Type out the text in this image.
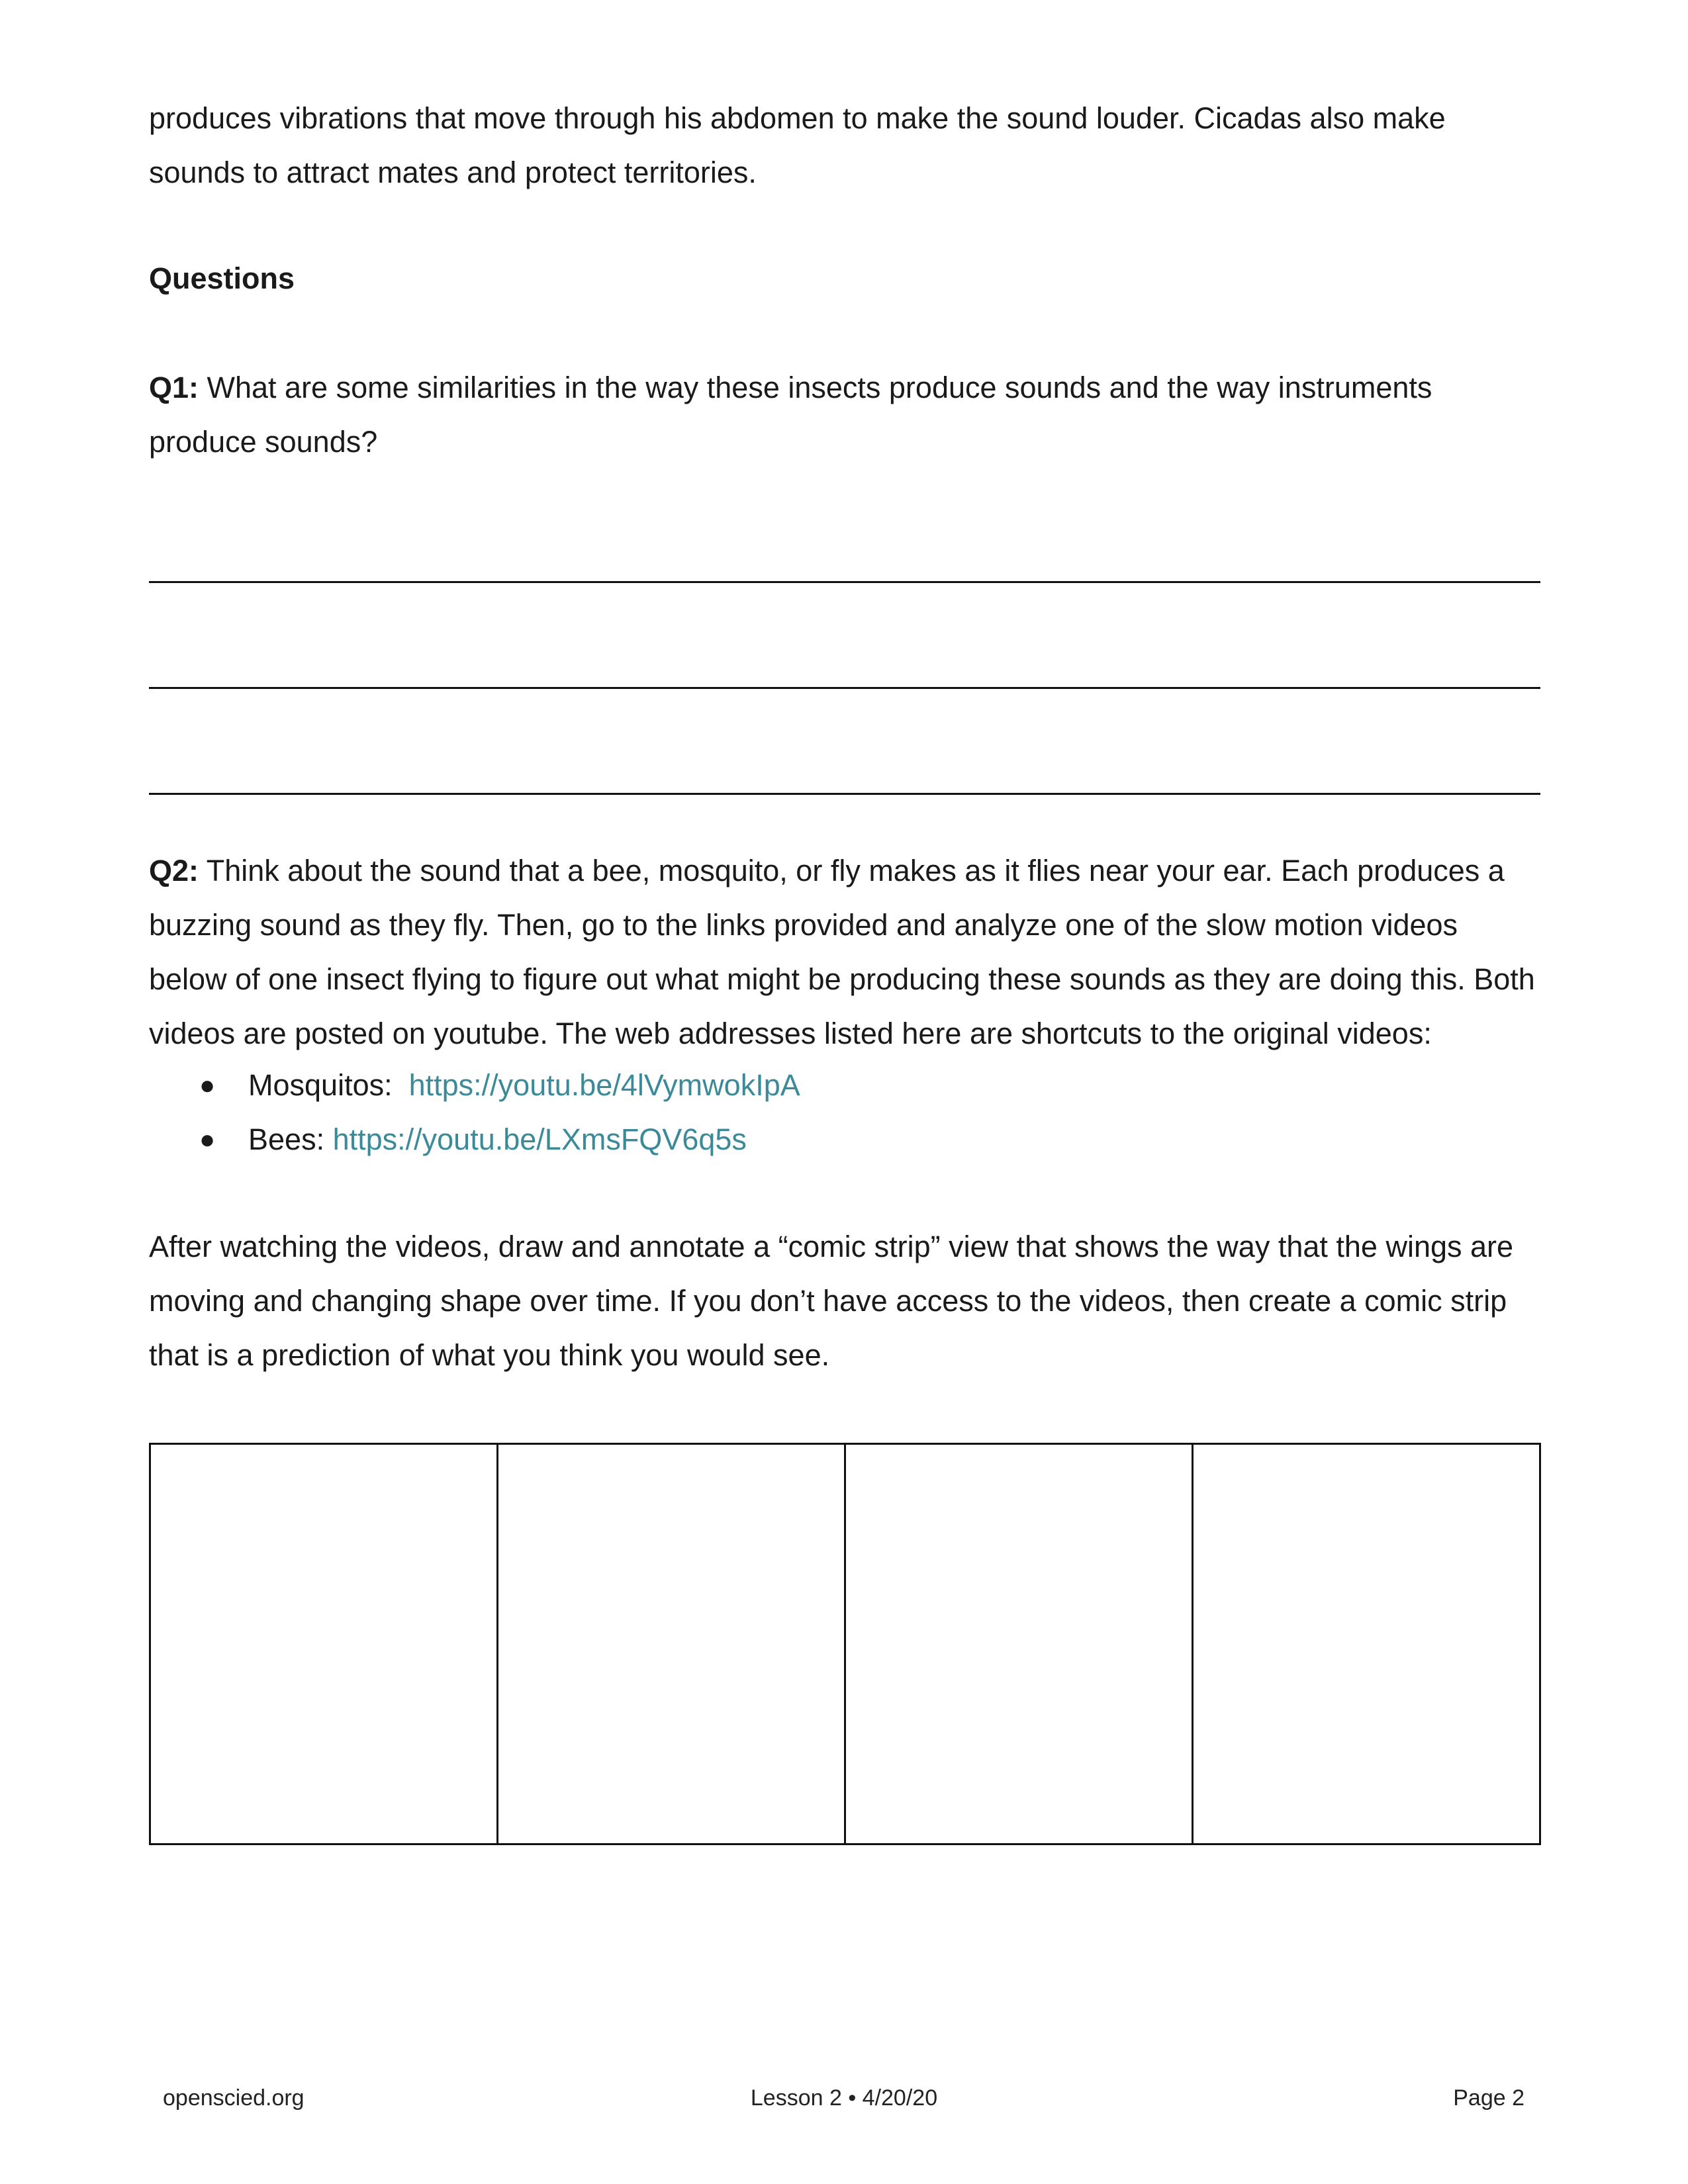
produces vibrations that move through his abdomen to make the sound louder. Cicadas also make sounds to attract mates and protect territories.

Questions

Q1: What are some similarities in the way these insects produce sounds and the way instruments produce sounds?

Q2: Think about the sound that a bee, mosquito, or fly makes as it flies near your ear. Each produces a buzzing sound as they fly. Then, go to the links provided and analyze one of the slow motion videos below of one insect flying to figure out what might be producing these sounds as they are doing this. Both videos are posted on youtube. The web addresses listed here are shortcuts to the original videos:

● Mosquitos:  https://youtu.be/4lVymwokIpA
● Bees: https://youtu.be/LXmsFQV6q5s

After watching the videos, draw and annotate a “comic strip” view that shows the way that the wings are moving and changing shape over time. If you don’t have access to the videos, then create a comic strip that is a prediction of what you think you would see.

openscied.org	Lesson 2 • 4/20/20	Page 2
